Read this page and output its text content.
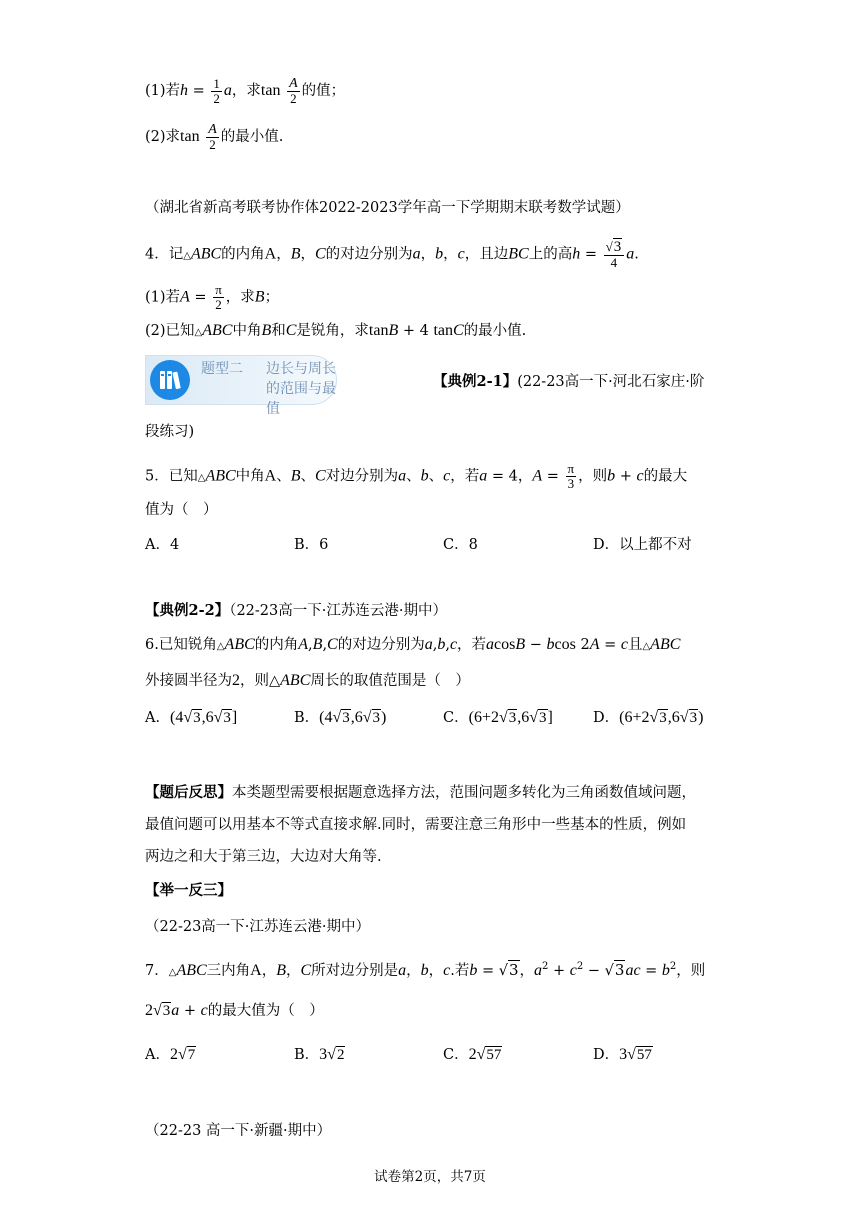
(1)若$h = \frac{1}{2}$ a，求$\tan \frac{A}{2}$ 的值；
(2)求$\tan \frac{A}{2}$ 的最小值.
（湖北省新高考联考协作体2022-2023学年高一下学期期末联考数学试题）
4．记△ABC的内角A，B，C的对边分别为a，b，c，且边BC上的高$h = \frac{√3}{4} a$.
(1)若$A = \frac{\pi}{2}$ ，求B；
(2)已知△ABC中角B和C是锐角，求tanB + 4 tanC的最小值.
题型二 边长与周长的范围与最值
【典例2-1】(22-23高一下·河北石家庄·阶
段练习)
5．已知△ABC中角A、B、C对边分别为a、b、c，若a = 4，$A = \frac{\pi}{3}$ ，则b + c的最大
值为（　）
A．4	B．6	C．8	D．以上都不对
【典例2-2】（22-23高一下·江苏连云港·期中）
6.已知锐角△ABC的内角A,B,C的对边分别为a,b,c，若acosB − bcos 2A = c且△ABC
外接圆半径为2，则△ABC周长的取值范围是（　）
A．(4√3,6√3]	B．(4√3,6√3)	C．(6+2√3,6√3]	D．(6+2√3,6√3)
【题后反思】本类题型需要根据题意选择方法，范围问题多转化为三角函数值域问题，
最值问题可以用基本不等式直接求解.同时，需要注意三角形中一些基本的性质，例如
两边之和大于第三边，大边对大角等.
【举一反三】
（22-23高一下·江苏连云港·期中）
7．△ABC三内角A，B，C所对边分别是a，b，c.若b = √3，$a^2 + c^2 - √3ac = b^2$，则
2√3a + c的最大值为（　）
A．2√7	B．3√2	C．2√57	D．3√57
（22-23 高一下·新疆·期中）
试卷第2页，共7页
